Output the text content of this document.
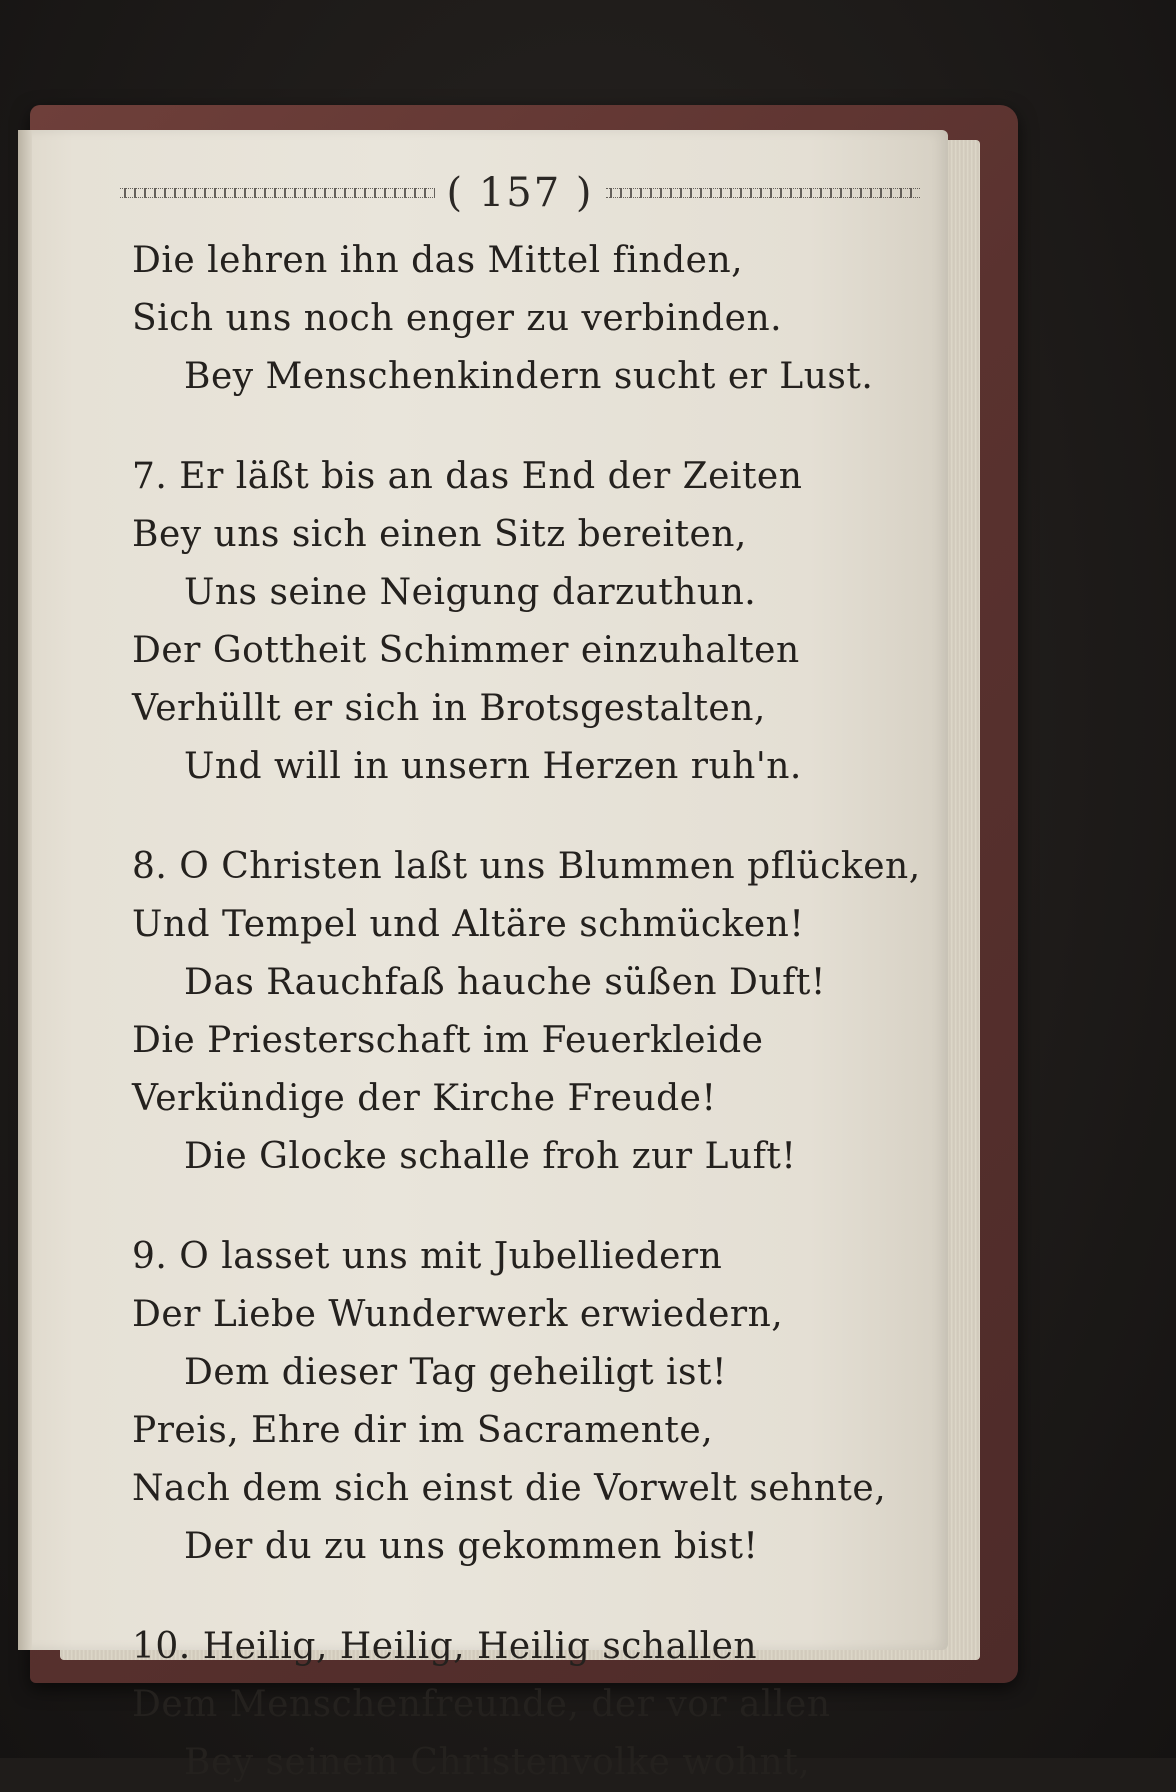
( 157 )
Die lehren ihn das Mittel finden,
Sich uns noch enger zu verbinden.
Bey Menschenkindern sucht er Lust.
7. Er läßt bis an das End der Zeiten
Bey uns sich einen Sitz bereiten,
Uns seine Neigung darzuthun.
Der Gottheit Schimmer einzuhalten
Verhüllt er sich in Brotsgestalten,
Und will in unsern Herzen ruh'n.
8. O Christen laßt uns Blummen pflücken,
Und Tempel und Altäre schmücken!
Das Rauchfaß hauche süßen Duft!
Die Priesterschaft im Feuerkleide
Verkündige der Kirche Freude!
Die Glocke schalle froh zur Luft!
9. O lasset uns mit Jubelliedern
Der Liebe Wunderwerk erwiedern,
Dem dieser Tag geheiligt ist!
Preis, Ehre dir im Sacramente,
Nach dem sich einst die Vorwelt sehnte,
Der du zu uns gekommen bist!
10. Heilig, Heilig, Heilig schallen
Dem Menschenfreunde, der vor allen
Bey seinem Christenvolke wohnt,
